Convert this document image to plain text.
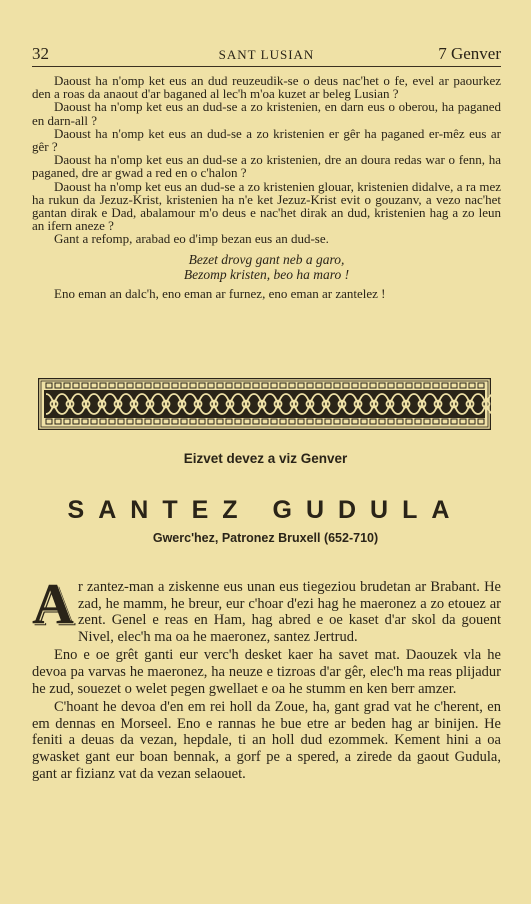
32	SANT LUSIAN	7 Genver

Daoust ha n'omp ket eus an dud reuzeudik-se o deus nac'het o fe, evel ar paourkez den a roas da anaout d'ar baganed al lec'h m'oa kuzet ar beleg Lusian ?

Daoust ha n'omp ket eus an dud-se a zo kristenien, en darn eus o oberou, ha paganed en darn-all ?

Daoust ha n'omp ket eus an dud-se a zo kristenien er gêr ha paganed er-mêz eus ar gêr ?

Daoust ha n'omp ket eus an dud-se a zo kristenien, dre an doura redas war o fenn, ha paganed, dre ar gwad a red en o c'halon ?

Daoust ha n'omp ket eus an dud-se a zo kristenien glouar, kristenien didalve, a ra mez ha rukun da Jezuz-Krist, kristenien ha n'e ket Jezuz-Krist evit o gouzanv, a vezo nac'het gantan dirak e Dad, abalamour m'o deus e nac'het dirak an dud, kristenien hag a zo leun an ifern aneze ?

Gant a refomp, arabad eo d'imp bezan eus an dud-se.

Bezet drovg gant neb a garo,
Bezomp kristen, beo ha maro !

Eno eman an dalc'h, eno eman ar furnez, eno eman ar zantelez !

Eizvet devez a viz Genver
SANTEZ GUDULA
Gwerc'hez, Patronez Bruxell (652-710)

Ar zantez-man a ziskenne eus unan eus tiegeziou brudetan ar Brabant. He zad, he mamm, he breur, eur c'hoar d'ezi hag he maeronez a zo etouez ar zent. Genel e reas en Ham, hag abred e oe kaset d'ar skol da gouent Nivel, elec'h ma oa he maeronez, santez Jertrud.

Eno e oe grêt ganti eur verc'h desket kaer ha savet mat. Daouzek vla he devoa pa varvas he maeronez, ha neuze e tizroas d'ar gêr, elec'h ma reas plijadur he zud, souezet o welet pegen gwellaet e oa he stumm en ken berr amzer.

C'hoant he devoa d'en em rei holl da Zoue, ha, gant grad vat he c'herent, en em dennas en Morseel. Eno e rannas he bue etre ar beden hag ar binijen. He feniti a deuas da vezan, hepdale, ti an holl dud ezommek. Kement hini a oa gwasket gant eur boan bennak, a gorf pe a spered, a zirede da gaout Gudula, gant ar fizianz vat da vezan selaouet.
